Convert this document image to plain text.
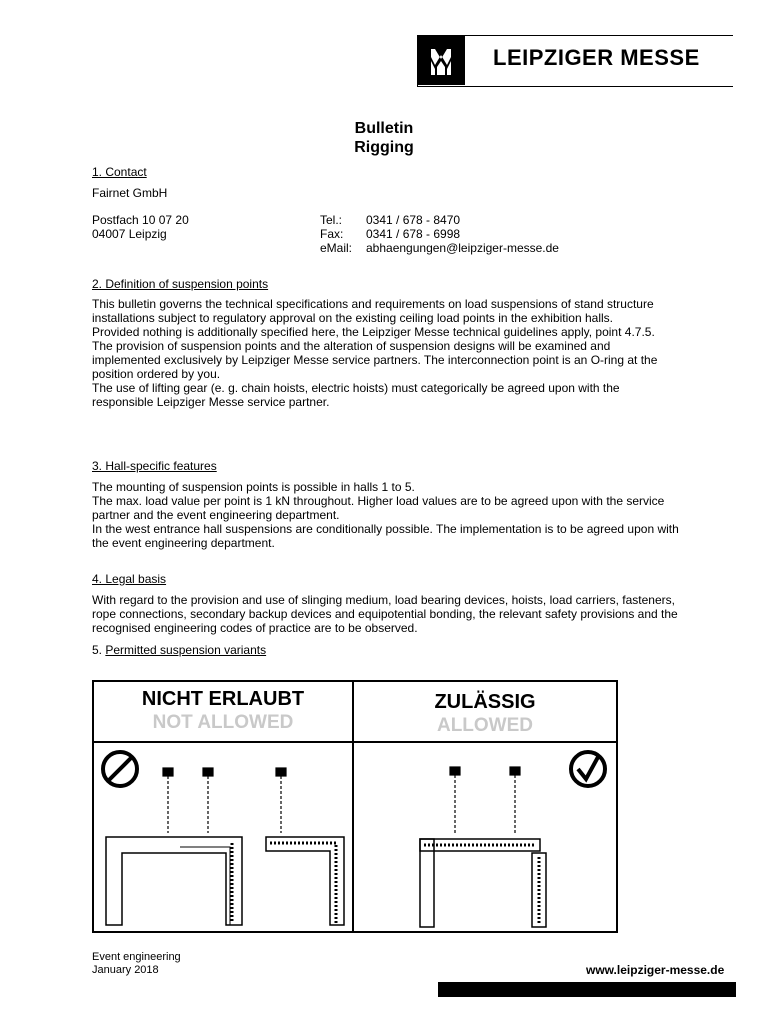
LEIPZIGER MESSE
Bulletin
Rigging
1. Contact
Fairnet GmbH
Postfach 10 07 20
04007 Leipzig
Tel.: 0341 / 678 - 8470
Fax: 0341 / 678 - 6998
eMail: abhaengungen@leipziger-messe.de
2. Definition of suspension points

This bulletin governs the technical specifications and requirements on load suspensions of stand structure installations subject to regulatory approval on the existing ceiling load points in the exhibition halls.

Provided nothing is additionally specified here, the Leipziger Messe technical guidelines apply, point 4.7.5.

The provision of suspension points and the alteration of suspension designs will be examined and implemented exclusively by Leipziger Messe service partners. The interconnection point is an O-ring at the position ordered by you.

The use of lifting gear (e. g. chain hoists, electric hoists) must categorically be agreed upon with the responsible Leipziger Messe service partner.

3. Hall-specific features

The mounting of suspension points is possible in halls 1 to 5.

The max. load value per point is 1 kN throughout. Higher load values are to be agreed upon with the service partner and the event engineering department.

In the west entrance hall suspensions are conditionally possible. The implementation is to be agreed upon with the event engineering department.

4. Legal basis

With regard to the provision and use of slinging medium, load bearing devices, hoists, load carriers, fasteners, rope connections, secondary backup devices and equipotential bonding, the relevant safety provisions and the recognised engineering codes of practice are to be observed.

5. Permitted suspension variants
NICHT ERLAUBT
NOT ALLOWED
ZULÄSSIG
ALLOWED
Event engineering
January 2018	www.leipziger-messe.de
